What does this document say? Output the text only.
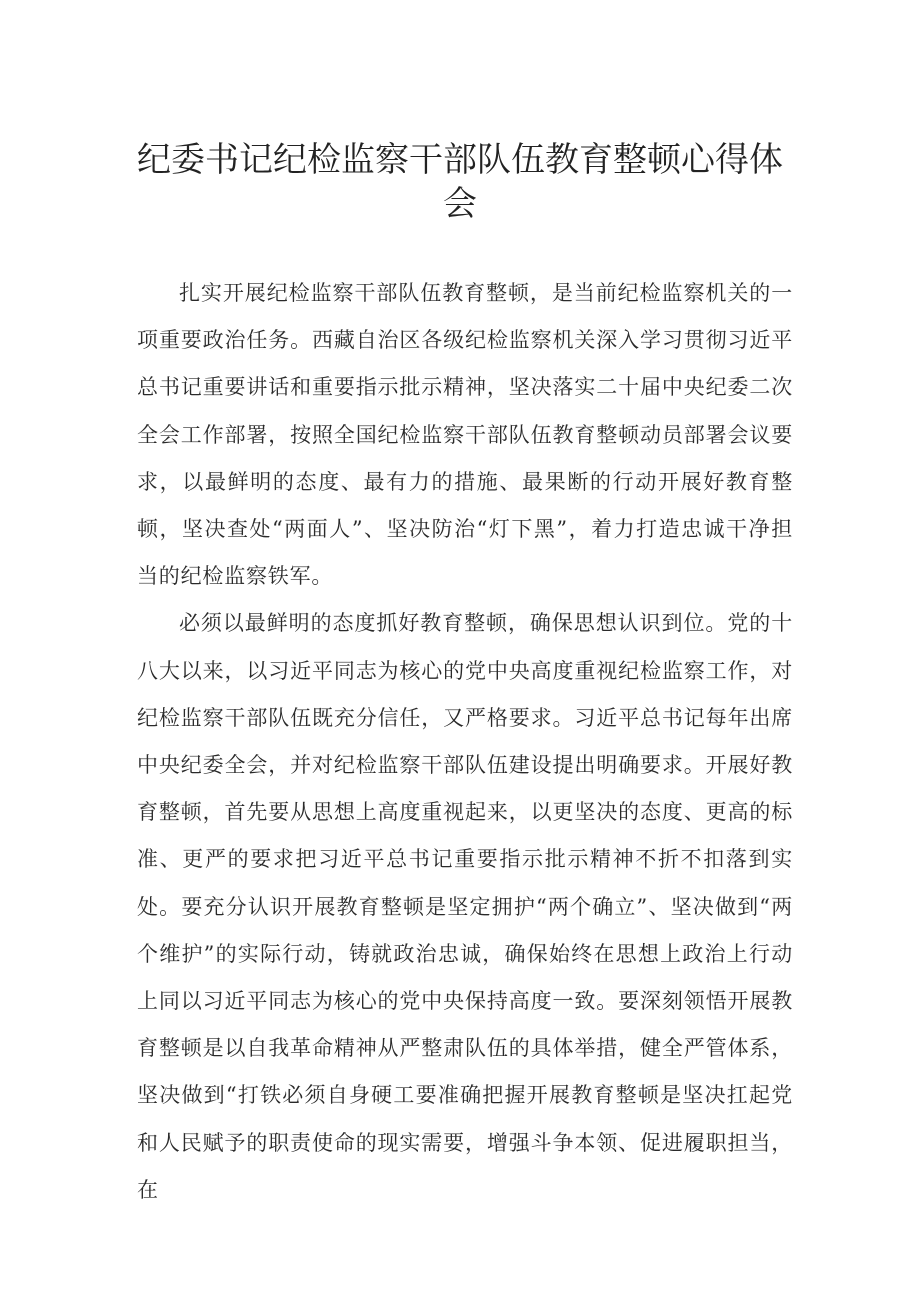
纪委书记纪检监察干部队伍教育整顿心得体会

扎实开展纪检监察干部队伍教育整顿，是当前纪检监察机关的一项重要政治任务。西藏自治区各级纪检监察机关深入学习贯彻习近平总书记重要讲话和重要指示批示精神，坚决落实二十届中央纪委二次全会工作部署，按照全国纪检监察干部队伍教育整顿动员部署会议要求，以最鲜明的态度、最有力的措施、最果断的行动开展好教育整顿，坚决查处“两面人”、坚决防治“灯下黑”，着力打造忠诚干净担当的纪检监察铁军。

必须以最鲜明的态度抓好教育整顿，确保思想认识到位。党的十八大以来，以习近平同志为核心的党中央高度重视纪检监察工作，对纪检监察干部队伍既充分信任，又严格要求。习近平总书记每年出席中央纪委全会，并对纪检监察干部队伍建设提出明确要求。开展好教育整顿，首先要从思想上高度重视起来，以更坚决的态度、更高的标准、更严的要求把习近平总书记重要指示批示精神不折不扣落到实处。要充分认识开展教育整顿是坚定拥护“两个确立”、坚决做到“两个维护”的实际行动，铸就政治忠诚，确保始终在思想上政治上行动上同以习近平同志为核心的党中央保持高度一致。要深刻领悟开展教育整顿是以自我革命精神从严整肃队伍的具体举措，健全严管体系，坚决做到“打铁必须自身硬工要准确把握开展教育整顿是坚决扛起党和人民赋予的职责使命的现实需要，增强斗争本领、促进履职担当，在
